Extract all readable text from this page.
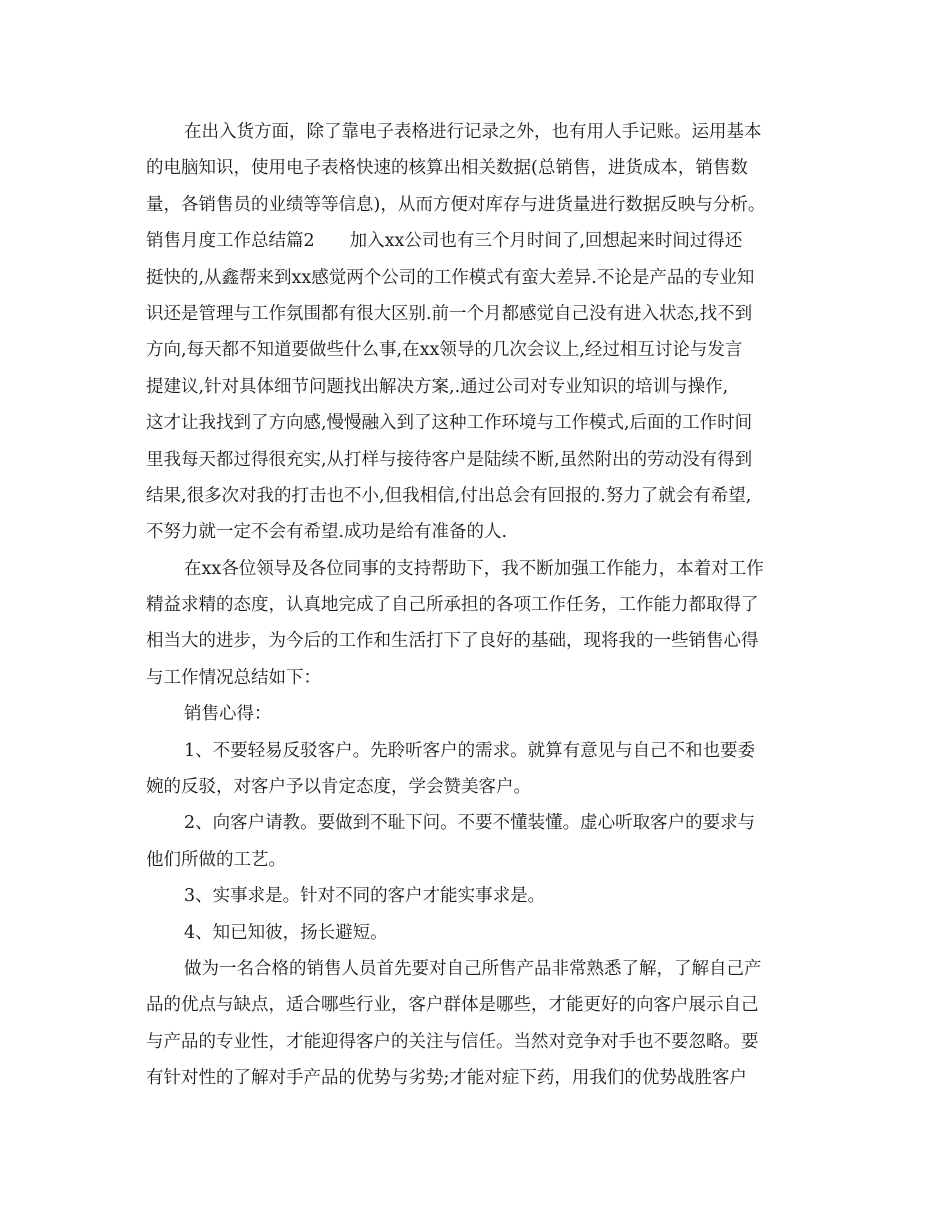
在出入货方面，除了靠电子表格进行记录之外，也有用人手记账。运用基本
的电脑知识，使用电子表格快速的核算出相关数据(总销售，进货成本，销售数
量，各销售员的业绩等等信息)，从而方便对库存与进货量进行数据反映与分析。
销售月度工作总结篇2　　加入xx公司也有三个月时间了,回想起来时间过得还
挺快的,从鑫帮来到xx感觉两个公司的工作模式有蛮大差异.不论是产品的专业知
识还是管理与工作氛围都有很大区别.前一个月都感觉自己没有进入状态,找不到
方向,每天都不知道要做些什么事,在xx领导的几次会议上,经过相互讨论与发言
提建议,针对具体细节问题找出解决方案,.通过公司对专业知识的培训与操作,
这才让我找到了方向感,慢慢融入到了这种工作环境与工作模式,后面的工作时间
里我每天都过得很充实,从打样与接待客户是陆续不断,虽然附出的劳动没有得到
结果,很多次对我的打击也不小,但我相信,付出总会有回报的.努力了就会有希望,
不努力就一定不会有希望.成功是给有准备的人.
在xx各位领导及各位同事的支持帮助下，我不断加强工作能力，本着对工作
精益求精的态度，认真地完成了自己所承担的各项工作任务，工作能力都取得了
相当大的进步，为今后的工作和生活打下了良好的基础，现将我的一些销售心得
与工作情况总结如下：
销售心得：
1、不要轻易反驳客户。先聆听客户的需求。就算有意见与自己不和也要委
婉的反驳，对客户予以肯定态度，学会赞美客户。
2、向客户请教。要做到不耻下问。不要不懂装懂。虚心听取客户的要求与
他们所做的工艺。
3、实事求是。针对不同的客户才能实事求是。
4、知已知彼，扬长避短。
做为一名合格的销售人员首先要对自己所售产品非常熟悉了解，了解自己产
品的优点与缺点，适合哪些行业，客户群体是哪些，才能更好的向客户展示自己
与产品的专业性，才能迎得客户的关注与信任。当然对竞争对手也不要忽略。要
有针对性的了解对手产品的优势与劣势;才能对症下药，用我们的优势战胜客户
